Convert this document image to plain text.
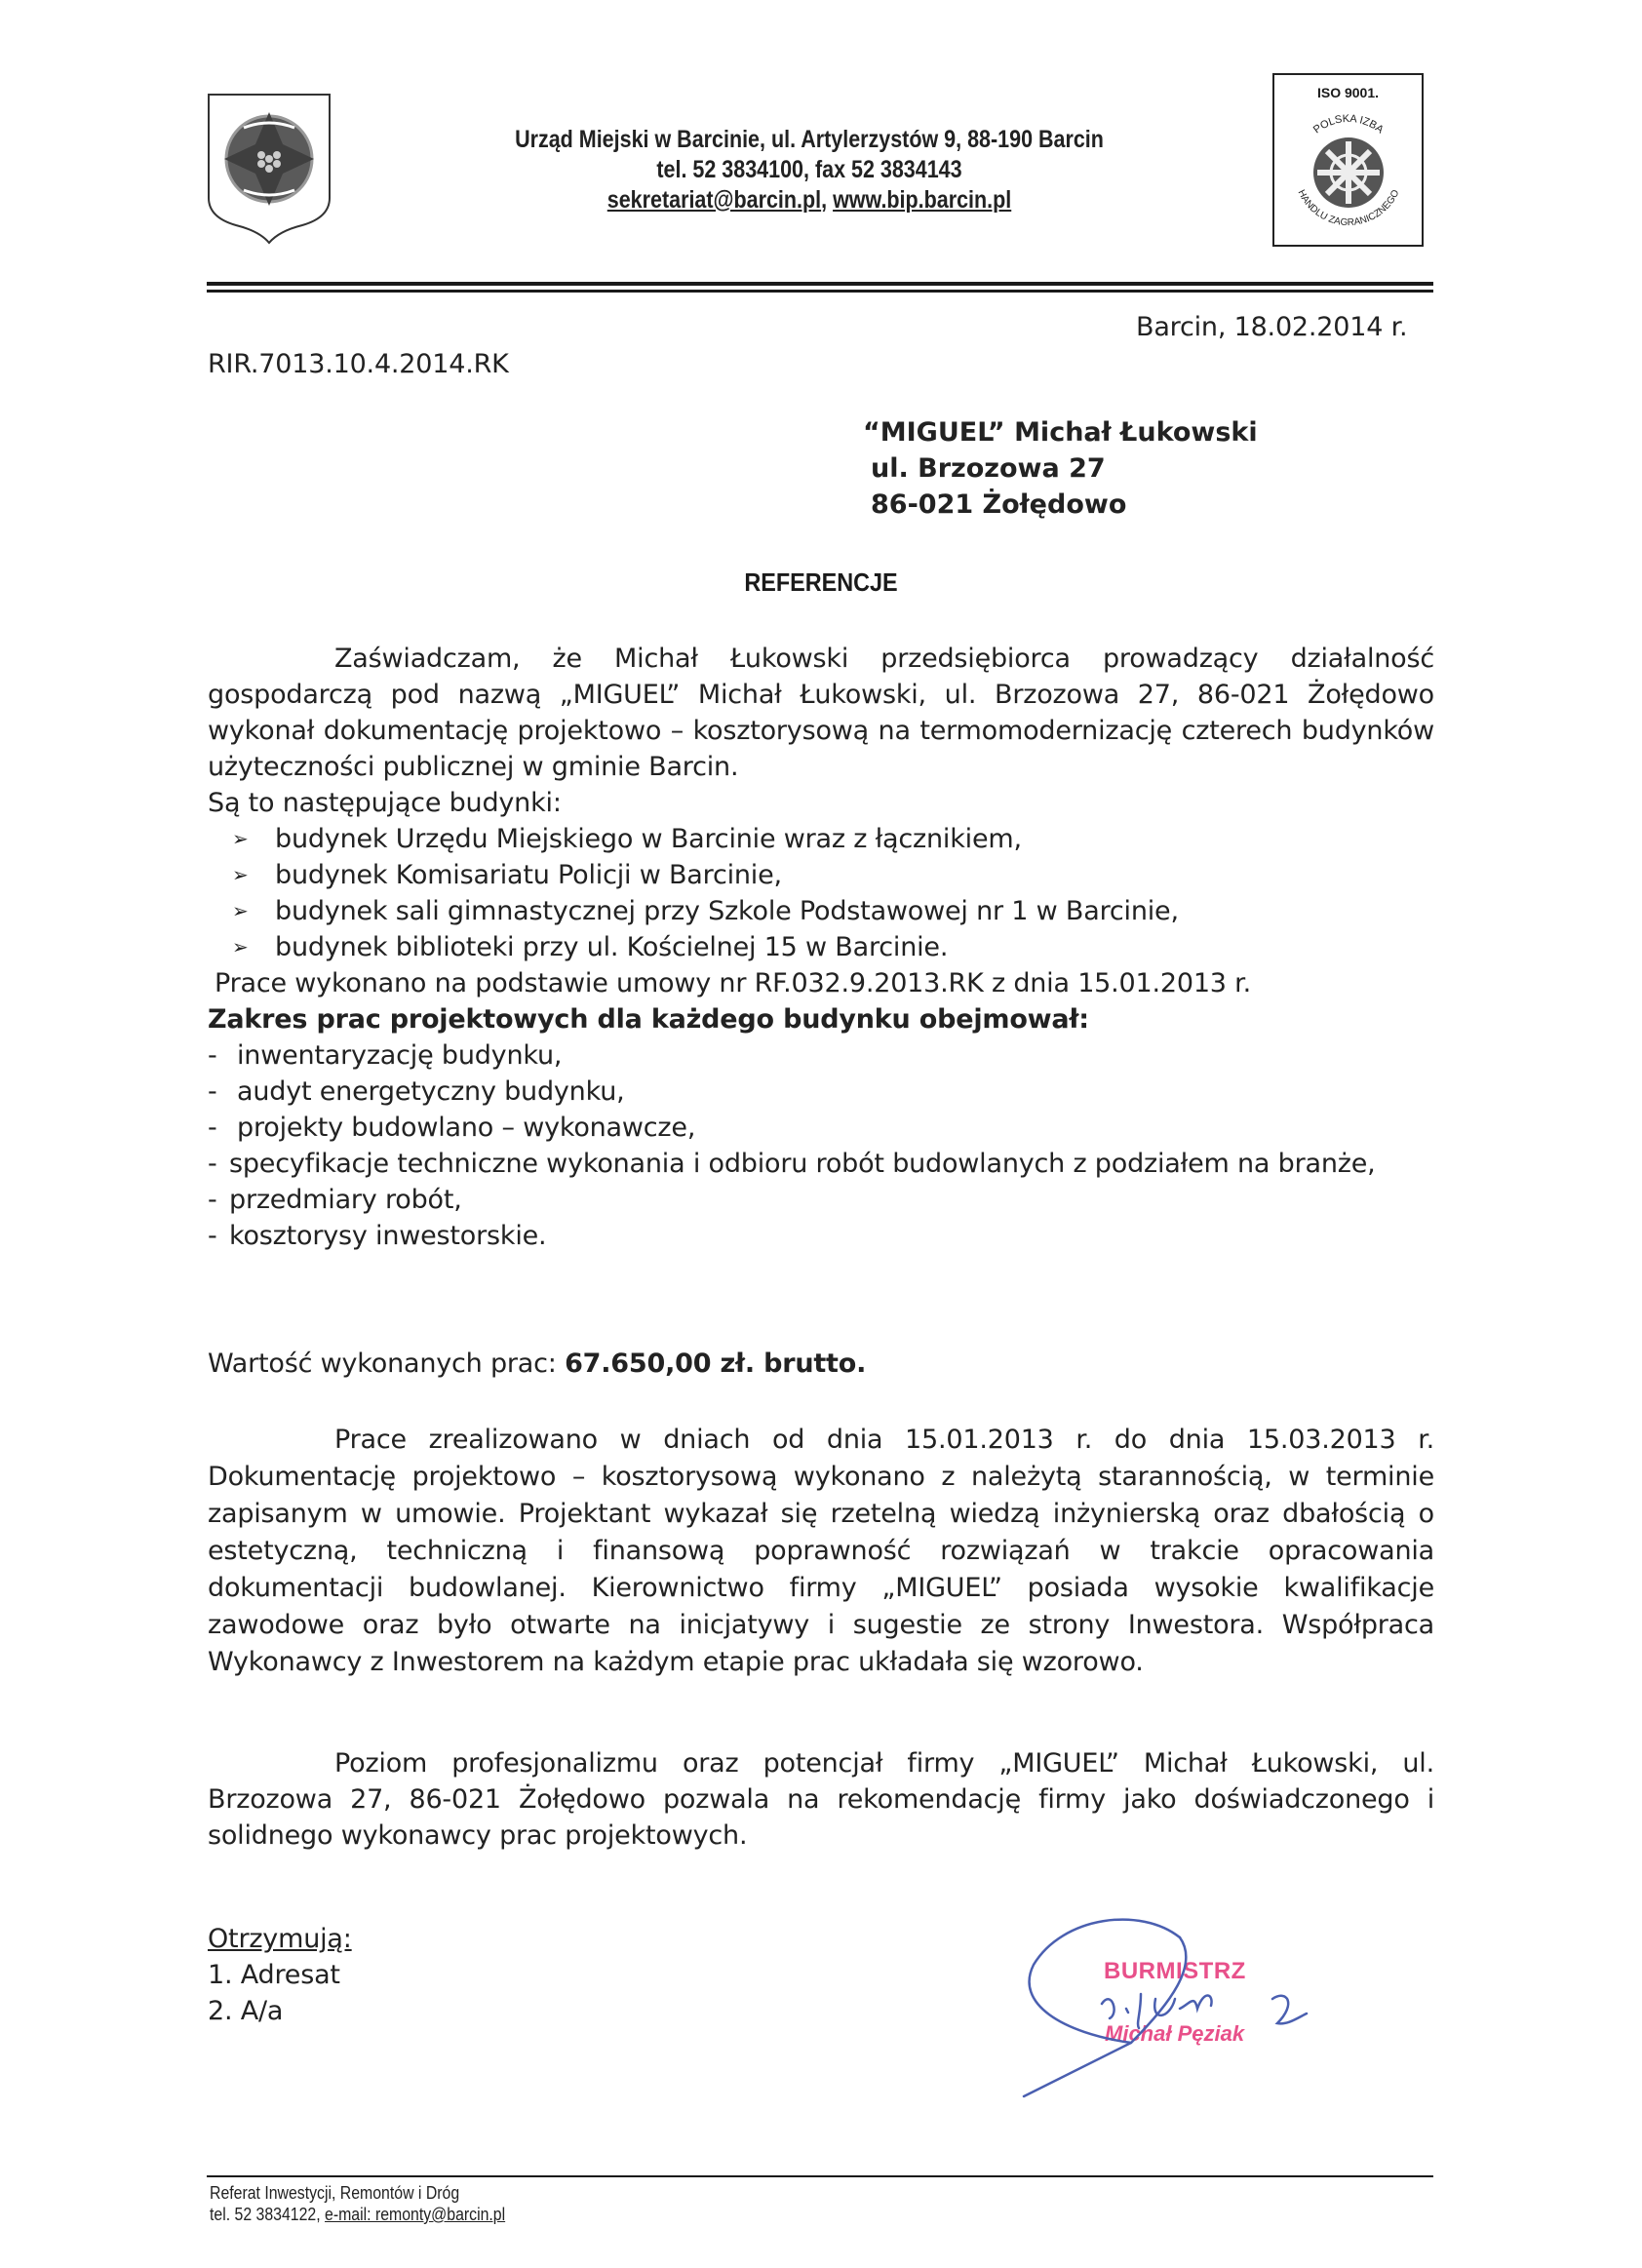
Urząd Miejski w Barcinie, ul. Artylerzystów 9, 88-190 Barcin
tel. 52 3834100, fax 52 3834143
sekretariat@barcin.pl, www.bip.barcin.pl
ISO 9001.
POLSKA IZBA
HANDLU ZAGRANICZNEGO
Barcin, 18.02.2014 r.
RIR.7013.10.4.2014.RK
“MIGUEL” Michał Łukowski
ul. Brzozowa 27
86-021 Żołędowo
REFERENCJE
Zaświadczam, że Michał Łukowski przedsiębiorca prowadzący działalność gospodarczą pod nazwą „MIGUEL” Michał Łukowski, ul. Brzozowa 27, 86-021 Żołędowo wykonał dokumentację projektowo – kosztorysową na termomodernizację czterech budynków użyteczności publicznej w gminie Barcin.
Są to następujące budynki:
➢	budynek Urzędu Miejskiego w Barcinie wraz z łącznikiem,
➢	budynek Komisariatu Policji w Barcinie,
➢	budynek sali gimnastycznej przy Szkole Podstawowej nr 1 w Barcinie,
➢	budynek biblioteki przy ul. Kościelnej 15 w Barcinie.
Prace wykonano na podstawie umowy nr RF.032.9.2013.RK z dnia 15.01.2013 r.
Zakres prac projektowych dla każdego budynku obejmował:
- inwentaryzację budynku,
- audyt energetyczny budynku,
- projekty budowlano – wykonawcze,
- specyfikacje techniczne wykonania i odbioru robót budowlanych z podziałem na branże,
- przedmiary robót,
- kosztorysy inwestorskie.
Wartość wykonanych prac: 67.650,00 zł. brutto.
Prace zrealizowano w dniach od dnia 15.01.2013 r. do dnia 15.03.2013 r. Dokumentację projektowo – kosztorysową wykonano z należytą starannością, w terminie zapisanym w umowie. Projektant wykazał się rzetelną wiedzą inżynierską oraz dbałością o estetyczną, techniczną i finansową poprawność rozwiązań w trakcie opracowania dokumentacji budowlanej. Kierownictwo firmy „MIGUEL” posiada wysokie kwalifikacje zawodowe oraz było otwarte na inicjatywy i sugestie ze strony Inwestora. Współpraca Wykonawcy z Inwestorem na każdym etapie prac układała się wzorowo.
Poziom profesjonalizmu oraz potencjał firmy „MIGUEL” Michał Łukowski, ul. Brzozowa 27, 86-021 Żołędowo pozwala na rekomendację firmy jako doświadczonego i solidnego wykonawcy prac projektowych.
Otrzymują:
1. Adresat
2. A/a
BURMISTRZ
Michał Pęziak
Referat Inwestycji, Remontów i Dróg
tel. 52 3834122, e-mail: remonty@barcin.pl
